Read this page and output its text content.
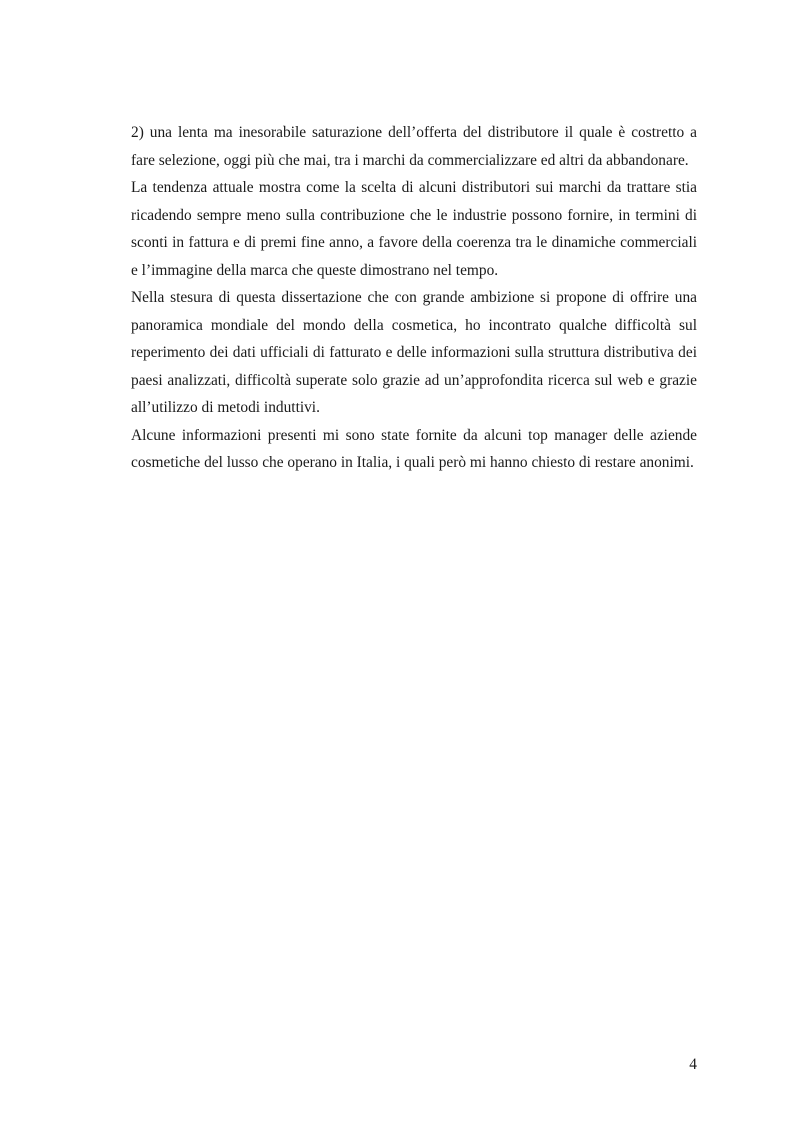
2) una lenta ma inesorabile saturazione dell’offerta del distributore il quale è costretto a fare selezione, oggi più che mai, tra i marchi da commercializzare ed altri da abbandonare.

La tendenza attuale mostra come la scelta di alcuni distributori sui marchi da trattare stia ricadendo sempre meno sulla contribuzione che le industrie possono fornire, in termini di sconti in fattura e di premi fine anno, a favore della coerenza tra le dinamiche commerciali e l’immagine della marca che queste dimostrano nel tempo.

Nella stesura di questa dissertazione che con grande ambizione si propone di offrire una panoramica mondiale del mondo della cosmetica, ho incontrato qualche difficoltà sul reperimento dei dati ufficiali di fatturato e delle informazioni sulla struttura distributiva dei paesi analizzati, difficoltà superate solo grazie ad un’approfondita ricerca sul web e grazie all’utilizzo di metodi induttivi.

Alcune informazioni presenti mi sono state fornite da alcuni top manager delle aziende cosmetiche del lusso che operano in Italia, i quali però mi hanno chiesto di restare anonimi.

4
